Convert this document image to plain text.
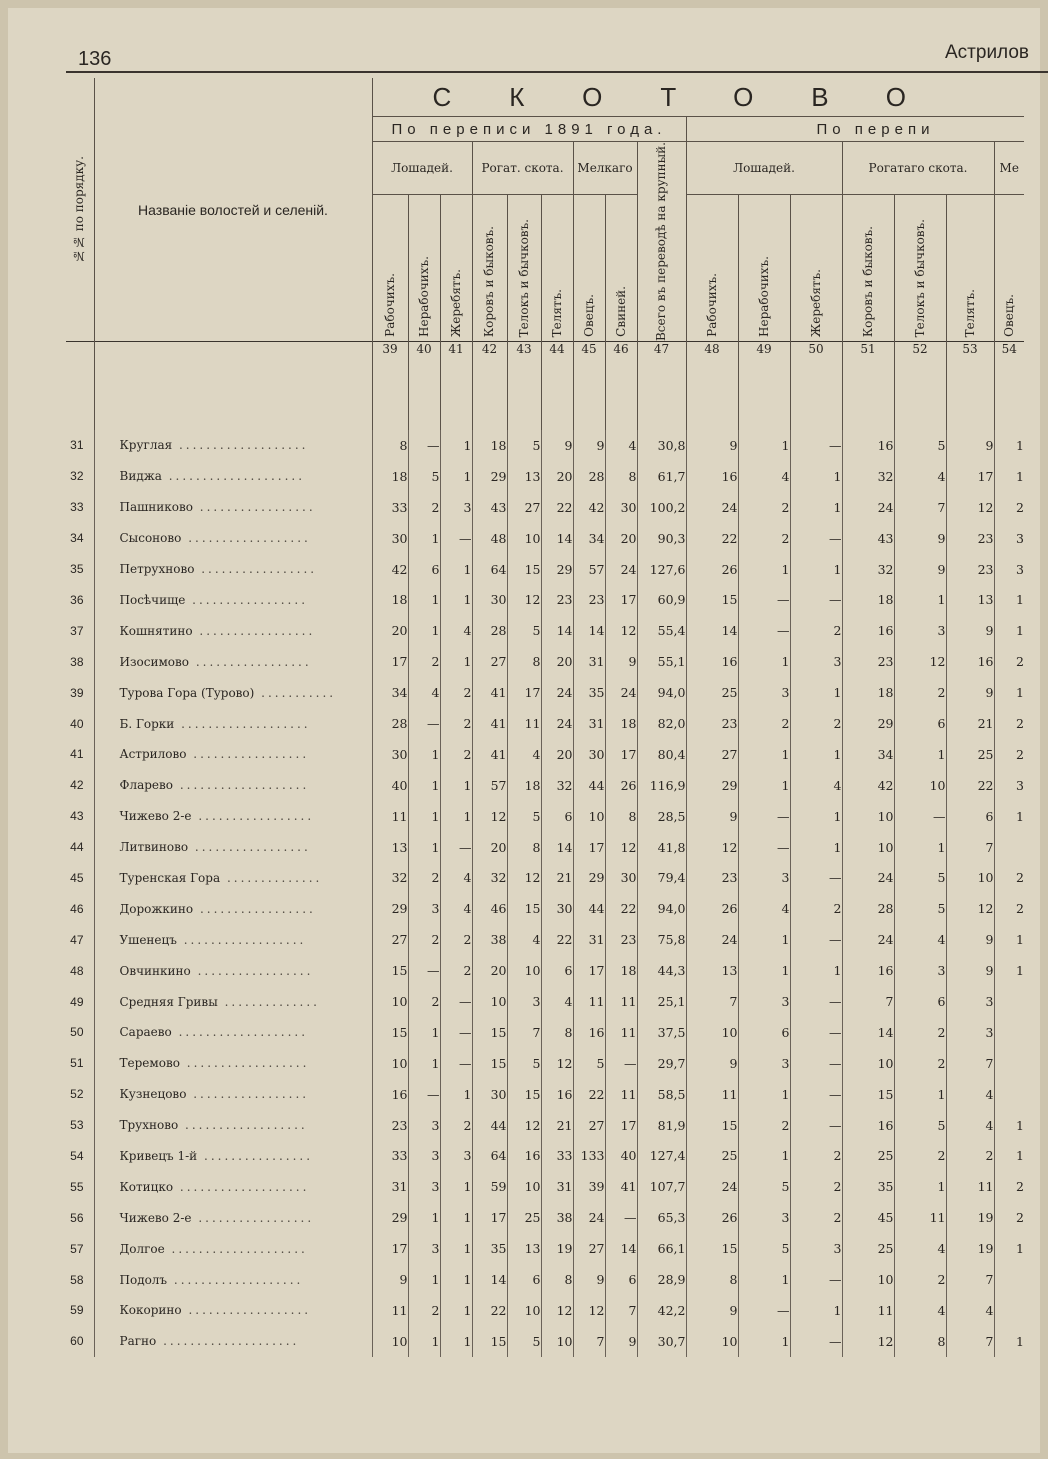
136	Астрилов
№№ по порядку.	Названіе волостей и селеній.	СКОТОВО															
		По переписи 1891 года.									По перепи						
		Лошадей.			Рогат. скота.			Мелкаго		Всего въ переводѣ на крупный.	Лошадей.			Рогатаго скота.			Ме

		Рабочихъ.	Нерабочихъ.	Жеребятъ.	Коровъ и быковъ.	Телокъ и бычковъ.	Телятъ.	Овецъ.	Свиней.		Рабочихъ.	Нерабочихъ.	Жеребятъ.	Коровъ и быковъ.	Телокъ и бычковъ.	Телятъ.	Овецъ.

		39	40	41	42	43	44	45	46	47	48	49	50	51	52	53	54
31	Круглая ...................	8	—	1	18	5	9	9	4	30,8	9	1	—	16	5	9	1
32	Виджа ....................	18	5	1	29	13	20	28	8	61,7	16	4	1	32	4	17	1
33	Пашниково .................	33	2	3	43	27	22	42	30	100,2	24	2	1	24	7	12	2
34	Сысоново ..................	30	1	—	48	10	14	34	20	90,3	22	2	—	43	9	23	3
35	Петрухново .................	42	6	1	64	15	29	57	24	127,6	26	1	1	32	9	23	3
36	Посѣчище .................	18	1	1	30	12	23	23	17	60,9	15	—	—	18	1	13	1
37	Кошнятино .................	20	1	4	28	5	14	14	12	55,4	14	—	2	16	3	9	1
38	Изосимово .................	17	2	1	27	8	20	31	9	55,1	16	1	3	23	12	16	2
39	Турова Гора (Турово) ...........	34	4	2	41	17	24	35	24	94,0	25	3	1	18	2	9	1
40	Б. Горки ...................	28	—	2	41	11	24	31	18	82,0	23	2	2	29	6	21	2
41	Астрилово .................	30	1	2	41	4	20	30	17	80,4	27	1	1	34	1	25	2
42	Фларево ...................	40	1	1	57	18	32	44	26	116,9	29	1	4	42	10	22	3
43	Чижево 2-е .................	11	1	1	12	5	6	10	8	28,5	9	—	1	10	—	6	1
44	Литвиново .................	13	1	—	20	8	14	17	12	41,8	12	—	1	10	1	7	
45	Туренская Гора ..............	32	2	4	32	12	21	29	30	79,4	23	3	—	24	5	10	2
46	Дорожкино .................	29	3	4	46	15	30	44	22	94,0	26	4	2	28	5	12	2
47	Ушенецъ ..................	27	2	2	38	4	22	31	23	75,8	24	1	—	24	4	9	1
48	Овчинкино .................	15	—	2	20	10	6	17	18	44,3	13	1	1	16	3	9	1
49	Средняя Гривы ..............	10	2	—	10	3	4	11	11	25,1	7	3	—	7	6	3	
50	Сараево ...................	15	1	—	15	7	8	16	11	37,5	10	6	—	14	2	3	
51	Теремово ..................	10	1	—	15	5	12	5	—	29,7	9	3	—	10	2	7	
52	Кузнецово .................	16	—	1	30	15	16	22	11	58,5	11	1	—	15	1	4	
53	Трухново ..................	23	3	2	44	12	21	27	17	81,9	15	2	—	16	5	4	1
54	Кривецъ 1-й ................	33	3	3	64	16	33	133	40	127,4	25	1	2	25	2	2	1
55	Котицко ...................	31	3	1	59	10	31	39	41	107,7	24	5	2	35	1	11	2
56	Чижево 2-е .................	29	1	1	17	25	38	24	—	65,3	26	3	2	45	11	19	2
57	Долгое ....................	17	3	1	35	13	19	27	14	66,1	15	5	3	25	4	19	1
58	Подолъ ...................	9	1	1	14	6	8	9	6	28,9	8	1	—	10	2	7	
59	Кокорино ..................	11	2	1	22	10	12	12	7	42,2	9	—	1	11	4	4	
60	Рагно ....................	10	1	1	15	5	10	7	9	30,7	10	1	—	12	8	7	1
